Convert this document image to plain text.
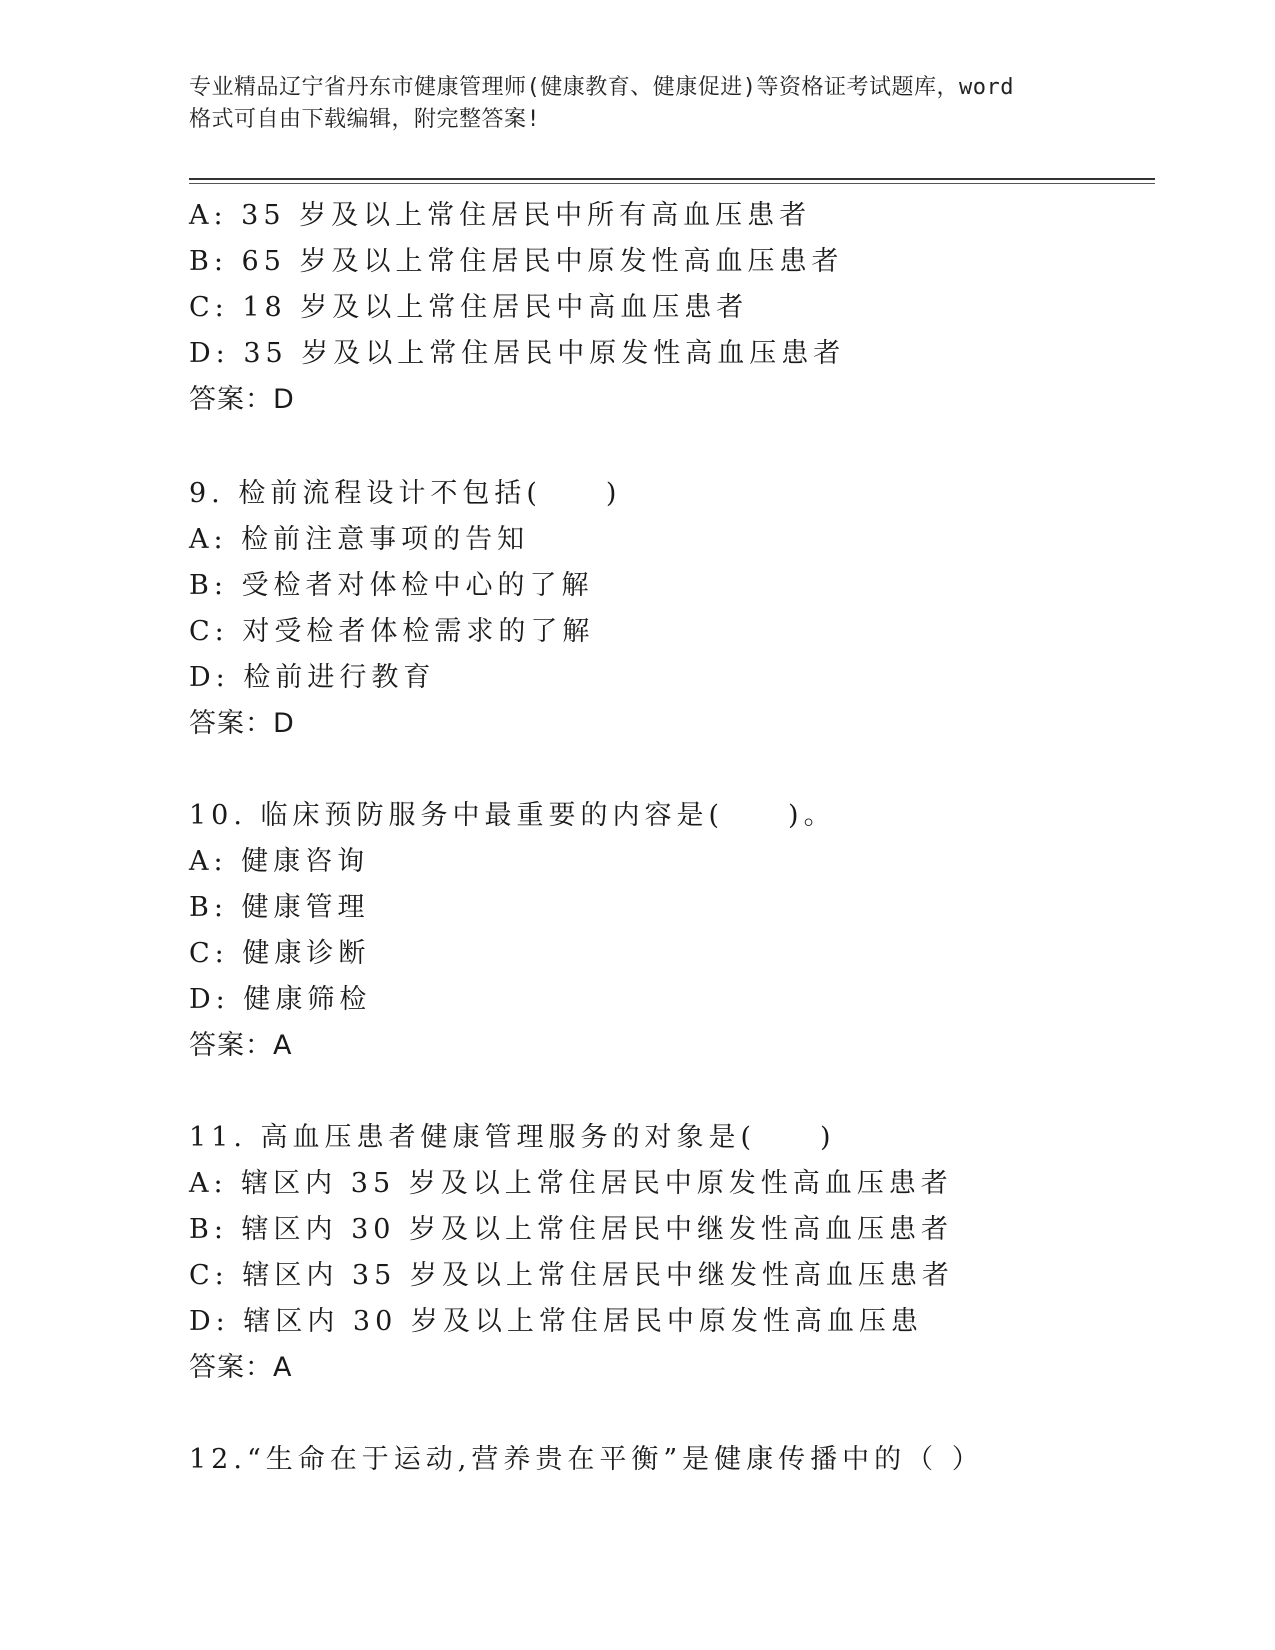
专业精品辽宁省丹东市健康管理师(健康教育、健康促进)等资格证考试题库，word
格式可自由下载编辑，附完整答案!
A: 35 岁及以上常住居民中所有高血压患者
B: 65 岁及以上常住居民中原发性高血压患者
C: 18 岁及以上常住居民中高血压患者
D: 35 岁及以上常住居民中原发性高血压患者
答案：D
9. 检前流程设计不包括(　　)
A: 检前注意事项的告知
B: 受检者对体检中心的了解
C: 对受检者体检需求的了解
D: 检前进行教育
答案：D
10. 临床预防服务中最重要的内容是(　　)。
A: 健康咨询
B: 健康管理
C: 健康诊断
D: 健康筛检
答案：A
11. 高血压患者健康管理服务的对象是(　　)
A: 辖区内 35 岁及以上常住居民中原发性高血压患者
B: 辖区内 30 岁及以上常住居民中继发性高血压患者
C: 辖区内 35 岁及以上常住居民中继发性高血压患者
D: 辖区内 30 岁及以上常住居民中原发性高血压患
答案：A
12.“生命在于运动,营养贵在平衡”是健康传播中的（ ）
